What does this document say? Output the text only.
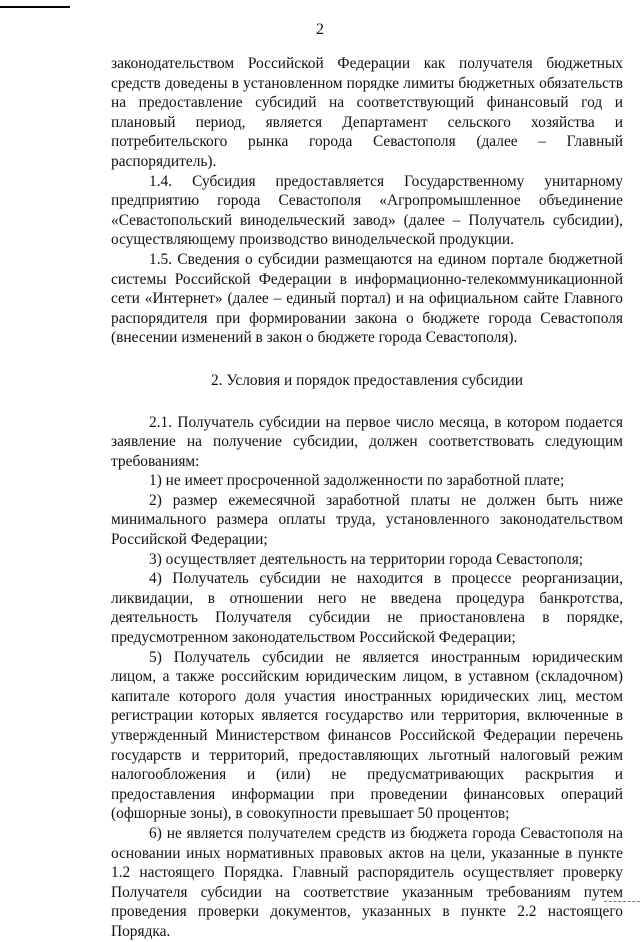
2

законодательством Российской Федерации как получателя бюджетных средств доведены в установленном порядке лимиты бюджетных обязательств на предоставление субсидий на соответствующий финансовый год и плановый период, является Департамент сельского хозяйства и потребительского рынка города Севастополя (далее – Главный распорядитель).

1.4. Субсидия предоставляется Государственному унитарному предприятию города Севастополя «Агропромышленное объединение «Севастопольский винодельческий завод» (далее – Получатель субсидии), осуществляющему производство винодельческой продукции.

1.5. Сведения о субсидии размещаются на едином портале бюджетной системы Российской Федерации в информационно-телекоммуникационной сети «Интернет» (далее – единый портал) и на официальном сайте Главного распорядителя при формировании закона о бюджете города Севастополя (внесении изменений в закон о бюджете города Севастополя).

2. Условия и порядок предоставления субсидии

2.1. Получатель субсидии на первое число месяца, в котором подается заявление на получение субсидии, должен соответствовать следующим требованиям:

1) не имеет просроченной задолженности по заработной плате;

2) размер ежемесячной заработной платы не должен быть ниже минимального размера оплаты труда, установленного законодательством Российской Федерации;

3) осуществляет деятельность на территории города Севастополя;

4) Получатель субсидии не находится в процессе реорганизации, ликвидации, в отношении него не введена процедура банкротства, деятельность Получателя субсидии не приостановлена в порядке, предусмотренном законодательством Российской Федерации;

5) Получатель субсидии не является иностранным юридическим лицом, а также российским юридическим лицом, в уставном (складочном) капитале которого доля участия иностранных юридических лиц, местом регистрации которых является государство или территория, включенные в утвержденный Министерством финансов Российской Федерации перечень государств и территорий, предоставляющих льготный налоговый режим налогообложения и (или) не предусматривающих раскрытия и предоставления информации при проведении финансовых операций (офшорные зоны), в совокупности превышает 50 процентов;

6) не является получателем средств из бюджета города Севастополя на основании иных нормативных правовых актов на цели, указанные в пункте 1.2 настоящего Порядка. Главный распорядитель осуществляет проверку Получателя субсидии на соответствие указанным требованиям путем проведения проверки документов, указанных в пункте 2.2 настоящего Порядка.
